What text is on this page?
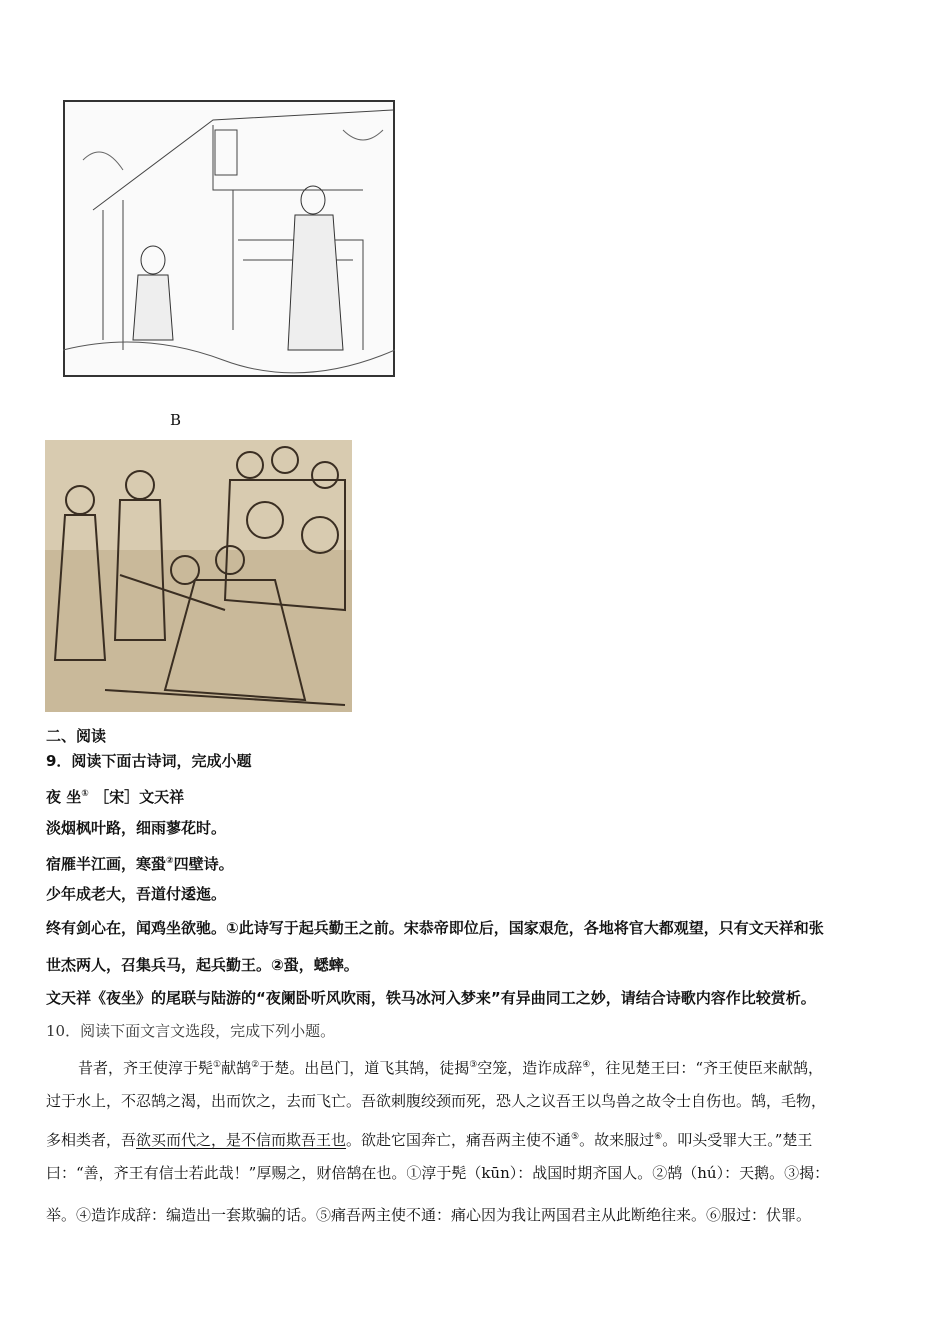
B
二、阅读
9．阅读下面古诗词，完成小题
夜 坐① ［宋］文天祥
淡烟枫叶路，细雨蓼花时。
宿雁半江画，寒蛩②四壁诗。
少年成老大，吾道付逶迤。
终有剑心在，闻鸡坐欲驰。①此诗写于起兵勤王之前。宋恭帝即位后，国家艰危，各地将官大都观望，只有文天祥和张
世杰两人，召集兵马，起兵勤王。②蛩，蟋蟀。
文天祥《夜坐》的尾联与陆游的“夜阑卧听风吹雨，铁马冰河入梦来”有异曲同工之妙，请结合诗歌内容作比较赏析。
10．阅读下面文言文选段，完成下列小题。
昔者，齐王使淳于髡①献鹄②于楚。出邑门，道飞其鹄，徒揭③空笼，造诈成辞④，往见楚王曰：“齐王使臣来献鹄，
过于水上，不忍鹄之渴，出而饮之，去而飞亡。吾欲刺腹绞颈而死，恐人之议吾王以鸟兽之故令士自伤也。鹄，毛物，
多相类者，吾欲买而代之，是不信而欺吾王也。欲赴它国奔亡，痛吾两主使不通⑤。故来服过⑥。叩头受罪大王。”楚王
曰：“善，齐王有信士若此哉！”厚赐之，财倍鹄在也。①淳于髡（kūn）：战国时期齐国人。②鹄（hú）：天鹅。③揭：
举。④造诈成辞：编造出一套欺骗的话。⑤痛吾两主使不通：痛心因为我让两国君主从此断绝往来。⑥服过：伏罪。
